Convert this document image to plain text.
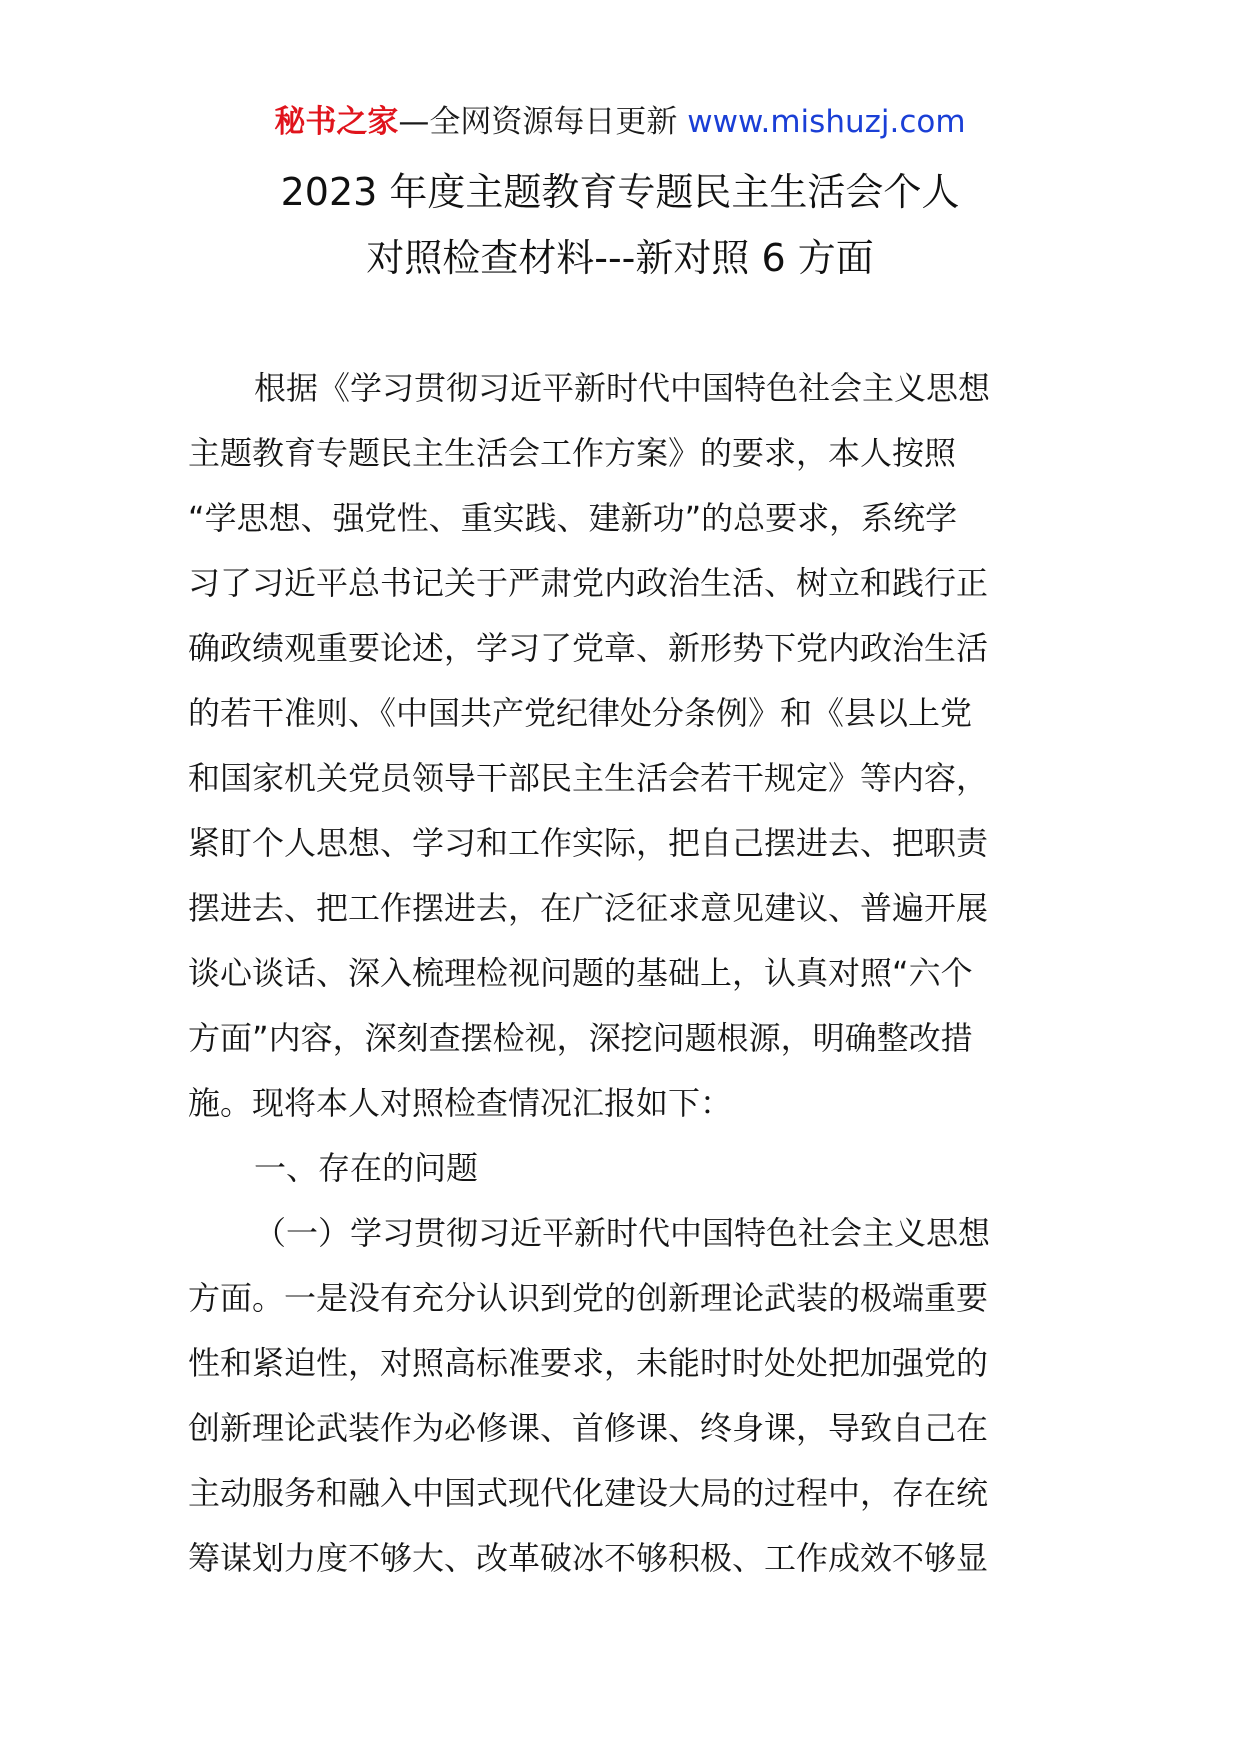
秘书之家—全网资源每日更新 www.mishuzj.com
2023 年度主题教育专题民主生活会个人
对照检查材料---新对照 6 方面
根据《学习贯彻习近平新时代中国特色社会主义思想
主题教育专题民主生活会工作方案》的要求，本人按照
“学思想、强党性、重实践、建新功”的总要求，系统学
习了习近平总书记关于严肃党内政治生活、树立和践行正
确政绩观重要论述，学习了党章、新形势下党内政治生活
的若干准则、《中国共产党纪律处分条例》和《县以上党
和国家机关党员领导干部民主生活会若干规定》等内容，
紧盯个人思想、学习和工作实际，把自己摆进去、把职责
摆进去、把工作摆进去，在广泛征求意见建议、普遍开展
谈心谈话、深入梳理检视问题的基础上，认真对照“六个
方面”内容，深刻查摆检视，深挖问题根源，明确整改措
施。现将本人对照检查情况汇报如下：
一、存在的问题
（一）学习贯彻习近平新时代中国特色社会主义思想
方面。一是没有充分认识到党的创新理论武装的极端重要
性和紧迫性，对照高标准要求，未能时时处处把加强党的
创新理论武装作为必修课、首修课、终身课，导致自己在
主动服务和融入中国式现代化建设大局的过程中，存在统
筹谋划力度不够大、改革破冰不够积极、工作成效不够显
